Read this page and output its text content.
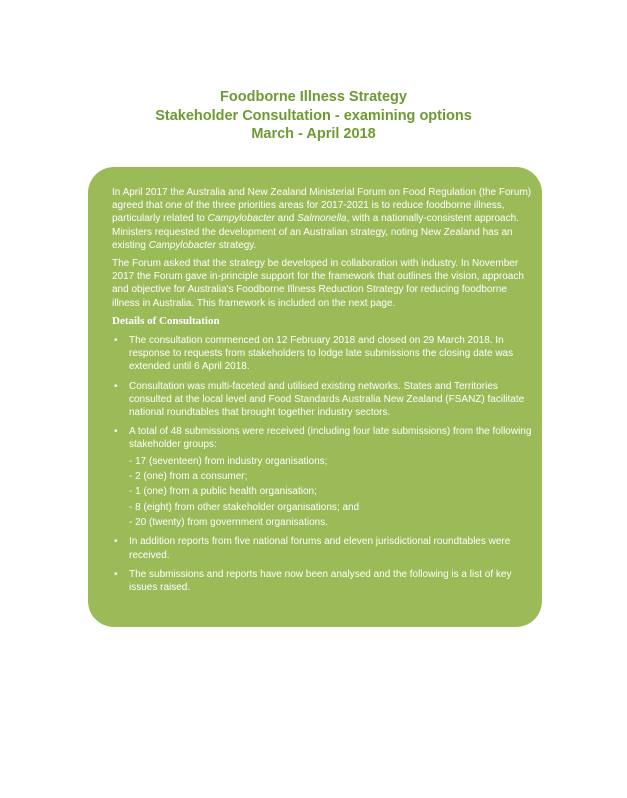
Foodborne Illness Strategy
Stakeholder Consultation - examining options
March - April 2018

In April 2017 the Australia and New Zealand Ministerial Forum on Food Regulation (the Forum) agreed that one of the three priorities areas for 2017-2021 is to reduce foodborne illness, particularly related to Campylobacter and Salmonella, with a nationally-consistent approach. Ministers requested the development of an Australian strategy, noting New Zealand has an existing Campylobacter strategy.

The Forum asked that the strategy be developed in collaboration with industry. In November 2017 the Forum gave in-principle support for the framework that outlines the vision, approach and objective for Australia's Foodborne Illness Reduction Strategy for reducing foodborne illness in Australia. This framework is included on the next page.

Details of Consultation
• The consultation commenced on 12 February 2018 and closed on 29 March 2018. In response to requests from stakeholders to lodge late submissions the closing date was extended until 6 April 2018.
• Consultation was multi-faceted and utilised existing networks. States and Territories consulted at the local level and Food Standards Australia New Zealand (FSANZ) facilitate national roundtables that brought together industry sectors.
• A total of 48 submissions were received (including four late submissions) from the following stakeholder groups:
- 17 (seventeen) from industry organisations;
- 2 (one) from a consumer;
- 1 (one) from a public health organisation;
- 8 (eight) from other stakeholder organisations; and
- 20 (twenty) from government organisations.
• In addition reports from five national forums and eleven jurisdictional roundtables were received.
• The submissions and reports have now been analysed and the following is a list of key issues raised.
